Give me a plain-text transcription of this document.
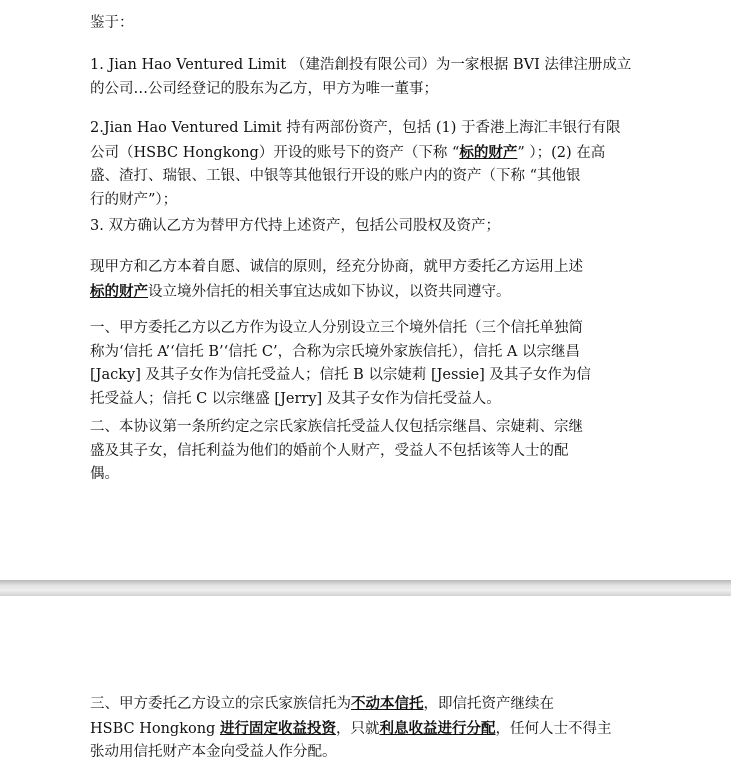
鉴于：

1. Jian Hao Ventured Limit （建浩創投有限公司）为一家根据 BVI 法律注册成立
的公司…公司经登记的股东为乙方，甲方为唯一董事；

2.Jian Hao Ventured Limit 持有两部份资产，包括 (1) 于香港上海汇丰银行有限
公司（HSBC Hongkong）开设的账号下的资产（下称 “标的财产” ）；(2) 在高
盛、渣打、瑞银、工银、中银等其他银行开设的账户内的资产（下称 “其他银
行的财产”）；

3. 双方确认乙方为替甲方代持上述资产，包括公司股权及资产；

现甲方和乙方本着自愿、诚信的原则，经充分协商，就甲方委托乙方运用上述
标的财产设立境外信托的相关事宜达成如下协议，以资共同遵守。

一、甲方委托乙方以乙方作为设立人分别设立三个境外信托（三个信托单独简
称为‘信托 A’‘信托 B’‘信托 C’，合称为宗氏境外家族信托），信托 A 以宗继昌
[Jacky] 及其子女作为信托受益人；信托 B 以宗婕莉 [Jessie] 及其子女作为信
托受益人；信托 C 以宗继盛 [Jerry] 及其子女作为信托受益人。

二、本协议第一条所约定之宗氏家族信托受益人仅包括宗继昌、宗婕莉、宗继
盛及其子女，信托利益为他们的婚前个人财产，受益人不包括该等人士的配
偶。

三、甲方委托乙方设立的宗氏家族信托为不动本信托，即信托资产继续在
HSBC Hongkong 进行固定收益投资，只就利息收益进行分配，任何人士不得主
张动用信托财产本金向受益人作分配。
